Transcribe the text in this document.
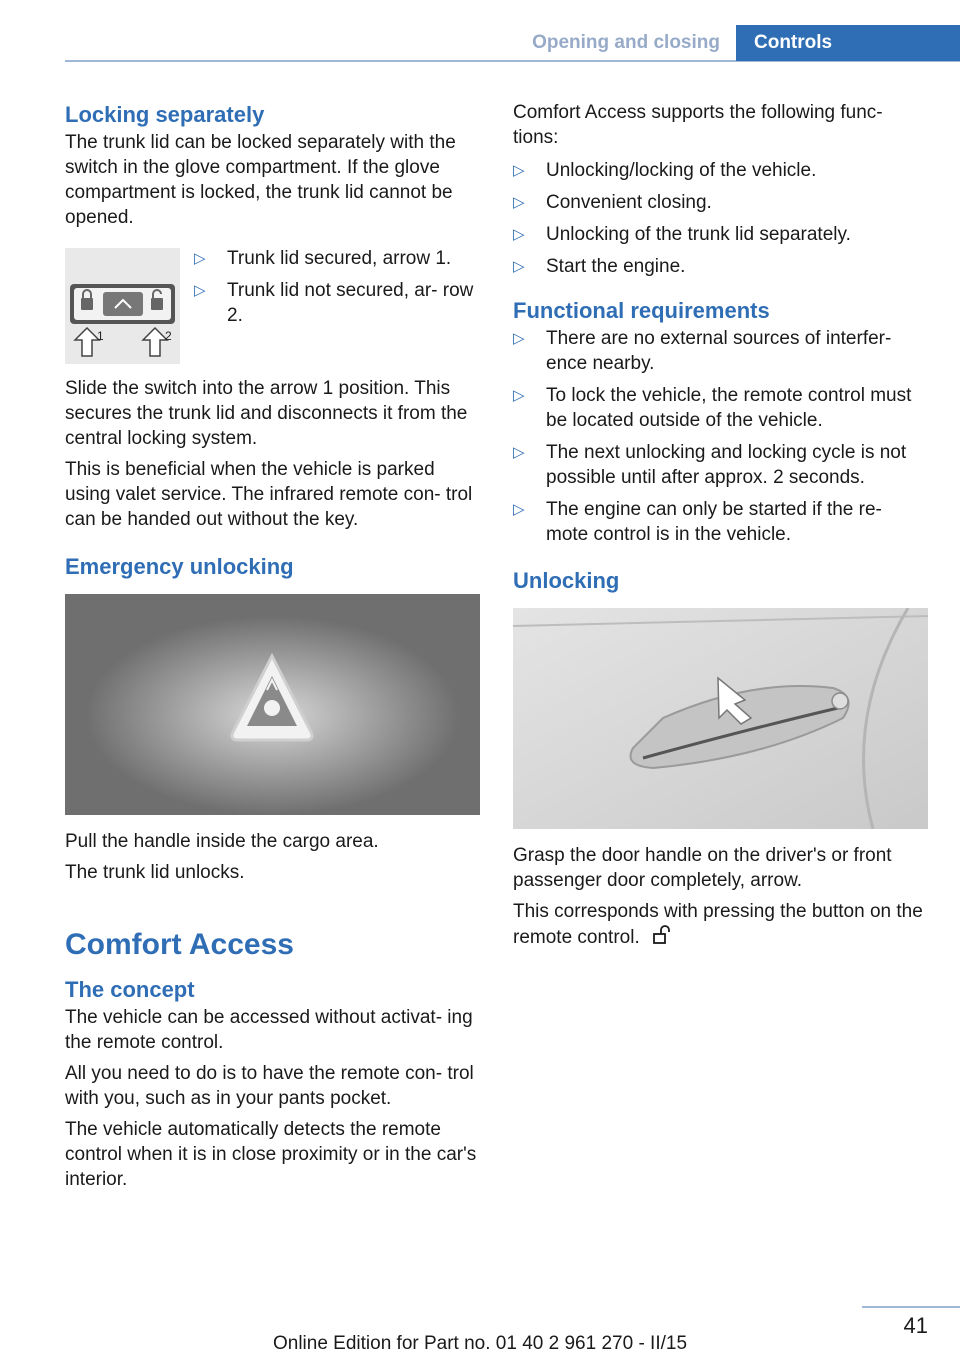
Opening and closing	Controls
Locking separately

The trunk lid can be locked separately with the switch in the glove compartment. If the glove compartment is locked, the trunk lid cannot be opened.

1	2
▷ Trunk lid secured, arrow 1.
▷ Trunk lid not secured, ar‐ row 2.

Slide the switch into the arrow 1 position. This secures the trunk lid and disconnects it from the central locking system.

This is beneficial when the vehicle is parked using valet service. The infrared remote con‐ trol can be handed out without the key.

Emergency unlocking

Pull the handle inside the cargo area.

The trunk lid unlocks.

Comfort Access
The concept

The vehicle can be accessed without activat‐ ing the remote control.

All you need to do is to have the remote con‐ trol with you, such as in your pants pocket.

The vehicle automatically detects the remote control when it is in close proximity or in the car's interior.

Comfort Access supports the following func‐ tions:

▷ Unlocking/locking of the vehicle.
▷ Convenient closing.
▷ Unlocking of the trunk lid separately.
▷ Start the engine.
Functional requirements
▷ There are no external sources of interfer‐ ence nearby.
▷ To lock the vehicle, the remote control must be located outside of the vehicle.
▷ The next unlocking and locking cycle is not possible until after approx. 2 seconds.
▷ The engine can only be started if the re‐ mote control is in the vehicle.
Unlocking

Grasp the door handle on the driver's or front passenger door completely, arrow.

This corresponds with pressing the button on the remote control.

41
Online Edition for Part no. 01 40 2 961 270 - II/15
